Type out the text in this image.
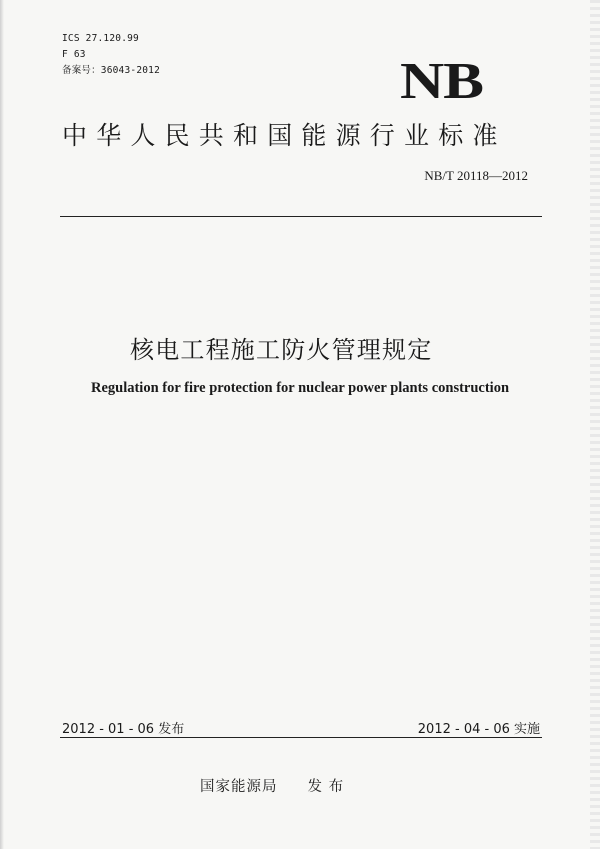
ICS 27.120.99
F 63
备案号：36043-2012	NB
中华人民共和国能源行业标准
NB/T 20118—2012
核电工程施工防火管理规定
Regulation for fire protection for nuclear power plants construction
2012 - 01 - 06 发布	2012 - 04 - 06 实施
国家能源局 发 布
